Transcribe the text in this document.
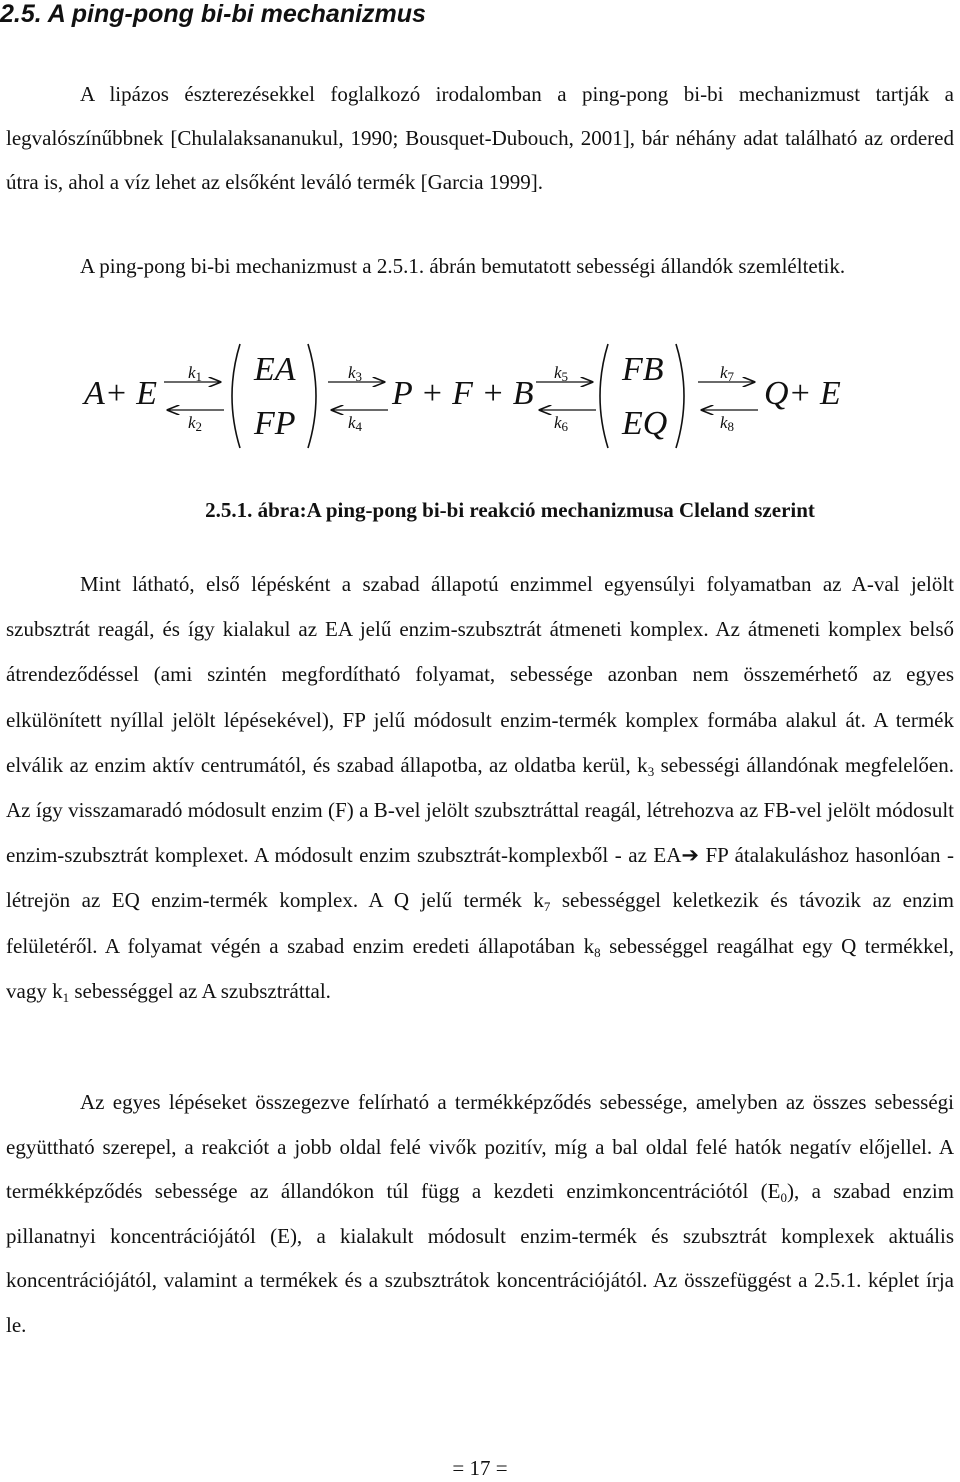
2.5. A ping-pong bi-bi mechanizmus

A lipázos észterezésekkel foglalkozó irodalomban a ping-pong bi-bi mechanizmust tartják a legvalószínűbbnek [Chulalaksananukul, 1990; Bousquet-Dubouch, 2001], bár néhány adat található az ordered útra is, ahol a víz lehet az elsőként leváló termék [Garcia 1999].

A ping-pong bi-bi mechanizmust a 2.5.1. ábrán bemutatott sebességi állandók szemléltetik.

A+ E
k1
k2
EA
FP
k3
k4
P + F + B
k5
k6
FB
EQ
k7
k8
Q+ E
2.5.1. ábra:A ping-pong bi-bi reakció mechanizmusa Cleland szerint

Mint látható, első lépésként a szabad állapotú enzimmel egyensúlyi folyamatban az A-val jelölt szubsztrát reagál, és így kialakul az EA jelű enzim-szubsztrát átmeneti komplex. Az átmeneti komplex belső átrendeződéssel (ami szintén megfordítható folyamat, sebessége azonban nem összemérhető az egyes elkülönített nyíllal jelölt lépésekével), FP jelű módosult enzim-termék komplex formába alakul át. A termék elválik az enzim aktív centrumától, és szabad állapotba, az oldatba kerül, $k_3$ sebességi állandónak megfelelően. Az így visszamaradó módosult enzim (F) a B-vel jelölt szubsztráttal reagál, létrehozva az FB-vel jelölt módosult enzim-szubsztrát komplexet. A módosult enzim szubsztrát-komplexből - az EA➔ FP átalakuláshoz hasonlóan - létrejön az EQ enzim-termék komplex. A Q jelű termék $k_7$ sebességgel keletkezik és távozik az enzim felületéről. A folyamat végén a szabad enzim eredeti állapotában $k_8$ sebességgel reagálhat egy Q termékkel, vagy $k_1$ sebességgel az A szubsztráttal.

Az egyes lépéseket összegezve felírható a termékképződés sebessége, amelyben az összes sebességi együttható szerepel, a reakciót a jobb oldal felé vivők pozitív, míg a bal oldal felé hatók negatív előjellel. A termékképződés sebessége az állandókon túl függ a kezdeti enzimkoncentrációtól $(E_0)$, a szabad enzim pillanatnyi koncentrációjától (E), a kialakult módosult enzim-termék és szubsztrát komplexek aktuális koncentrációjától, valamint a termékek és a szubsztrátok koncentrációjától. Az összefüggést a 2.5.1. képlet írja le.

= 17 =
